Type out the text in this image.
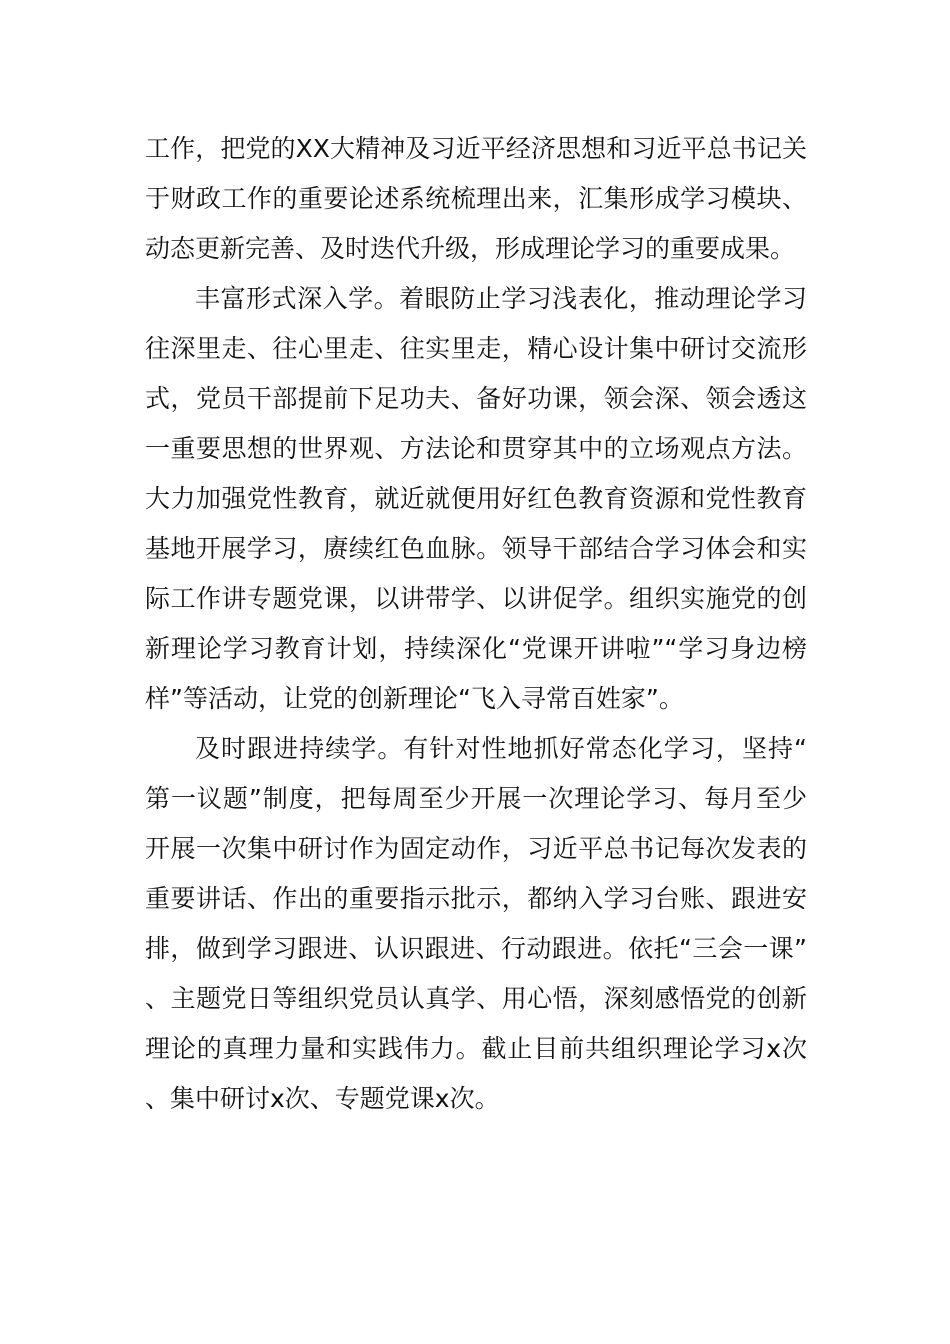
工作，把党的XX大精神及习近平经济思想和习近平总书记关于财政工作的重要论述系统梳理出来，汇集形成学习模块、动态更新完善、及时迭代升级，形成理论学习的重要成果。

丰富形式深入学。着眼防止学习浅表化，推动理论学习往深里走、往心里走、往实里走，精心设计集中研讨交流形式，党员干部提前下足功夫、备好功课，领会深、领会透这一重要思想的世界观、方法论和贯穿其中的立场观点方法。大力加强党性教育，就近就便用好红色教育资源和党性教育基地开展学习，赓续红色血脉。领导干部结合学习体会和实际工作讲专题党课，以讲带学、以讲促学。组织实施党的创新理论学习教育计划，持续深化“党课开讲啦”“学习身边榜样”等活动，让党的创新理论“飞入寻常百姓家”。

及时跟进持续学。有针对性地抓好常态化学习，坚持“第一议题”制度，把每周至少开展一次理论学习、每月至少开展一次集中研讨作为固定动作，习近平总书记每次发表的重要讲话、作出的重要指示批示，都纳入学习台账、跟进安排，做到学习跟进、认识跟进、行动跟进。依托“三会一课”、主题党日等组织党员认真学、用心悟，深刻感悟党的创新理论的真理力量和实践伟力。截止目前共组织理论学习x次、集中研讨x次、专题党课x次。
